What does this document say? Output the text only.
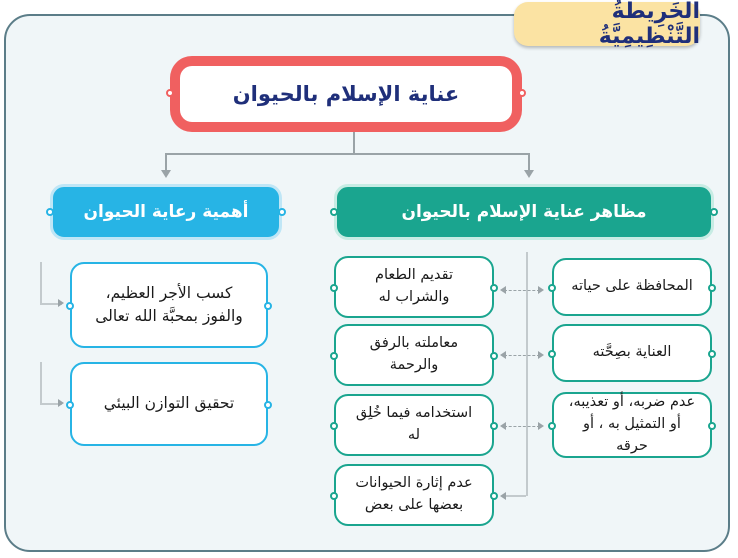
الْخَرِيطَةُ التَّنْظِيمِيَّةُ
عناية الإسلام بالحيوان
مظاهر عناية الإسلام بالحيوان
أهمية رعاية الحيوان
المحافظة على حياته
العناية بصِحَّته
عدم ضربه، أو تعذيبه، أو التمثيل به ، أو حرقه
تقديم الطعام والشراب له
معاملته بالرفق والرحمة
استخدامه فيما خُلِق له
عدم إثارة الحيوانات بعضها على بعض
كسب الأجر العظيم، والفوز بمحبَّة الله تعالى
تحقيق التوازن البيئي
